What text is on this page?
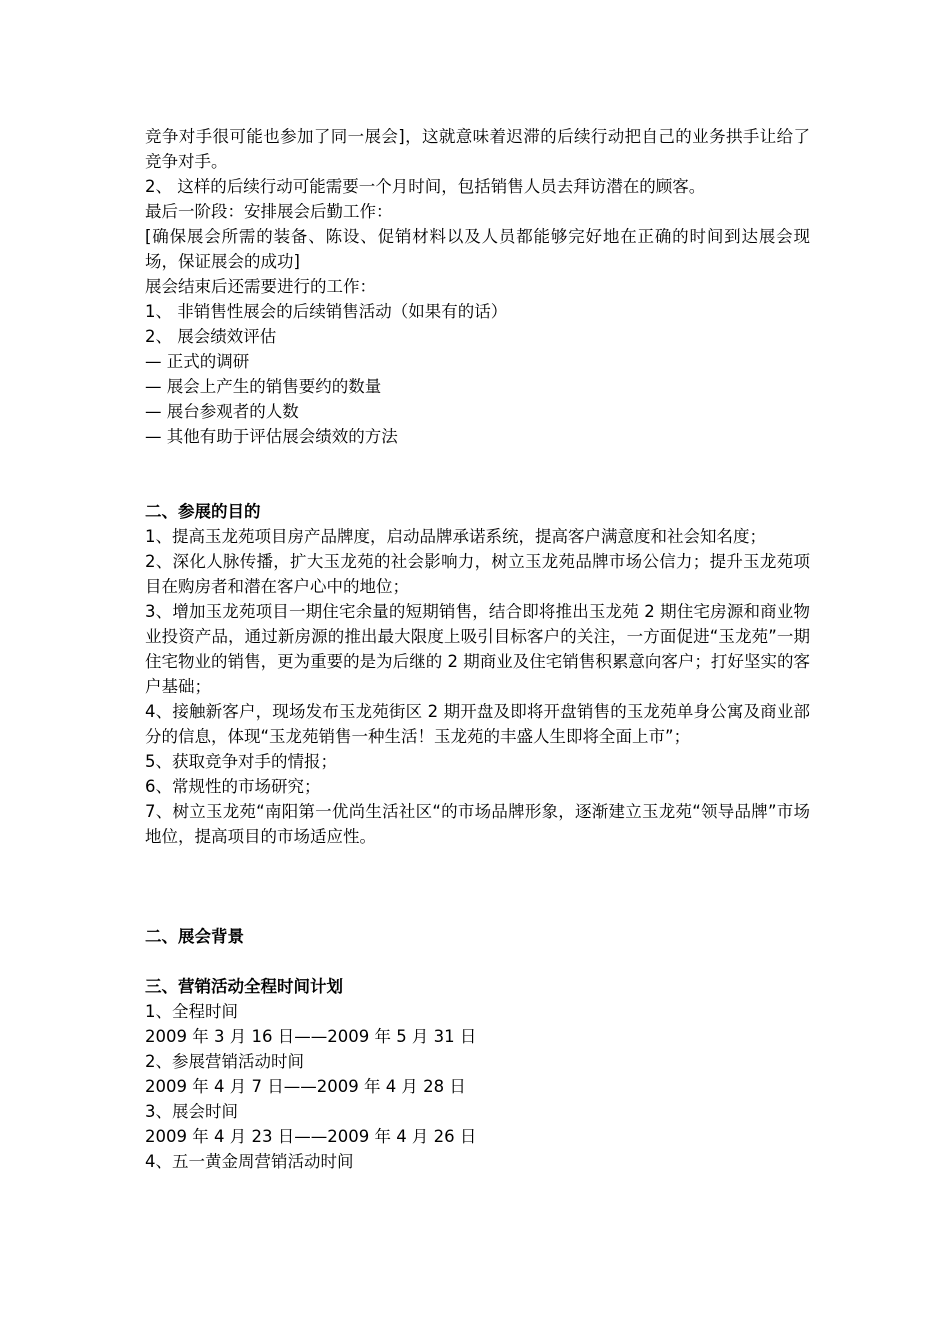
竞争对手很可能也参加了同一展会]，这就意味着迟滞的后续行动把自己的业务拱手让给了竞争对手。

2、 这样的后续行动可能需要一个月时间，包括销售人员去拜访潜在的顾客。

最后一阶段：安排展会后勤工作：

[确保展会所需的装备、陈设、促销材料以及人员都能够完好地在正确的时间到达展会现场，保证展会的成功]

展会结束后还需要进行的工作：

1、 非销售性展会的后续销售活动（如果有的话）

2、 展会绩效评估

— 正式的调研

— 展会上产生的销售要约的数量

— 展台参观者的人数

— 其他有助于评估展会绩效的方法

二、参展的目的

1、提高玉龙苑项目房产品牌度，启动品牌承诺系统，提高客户满意度和社会知名度；

2、深化人脉传播，扩大玉龙苑的社会影响力，树立玉龙苑品牌市场公信力；提升玉龙苑项目在购房者和潜在客户心中的地位；

3、增加玉龙苑项目一期住宅余量的短期销售，结合即将推出玉龙苑 2 期住宅房源和商业物业投资产品，通过新房源的推出最大限度上吸引目标客户的关注，一方面促进“玉龙苑”一期住宅物业的销售，更为重要的是为后继的 2 期商业及住宅销售积累意向客户；打好坚实的客户基础；

4、接触新客户，现场发布玉龙苑街区 2 期开盘及即将开盘销售的玉龙苑单身公寓及商业部分的信息，体现“玉龙苑销售一种生活！玉龙苑的丰盛人生即将全面上市”；

5、获取竞争对手的情报；

6、常规性的市场研究；

7、树立玉龙苑“南阳第一优尚生活社区“的市场品牌形象，逐渐建立玉龙苑“领导品牌”市场地位，提高项目的市场适应性。

二、展会背景

三、营销活动全程时间计划

1、全程时间

2009 年 3 月 16 日——2009 年 5 月 31 日

2、参展营销活动时间

2009 年 4 月 7 日——2009 年 4 月 28 日

3、展会时间

2009 年 4 月 23 日——2009 年 4 月 26 日

4、五一黄金周营销活动时间
